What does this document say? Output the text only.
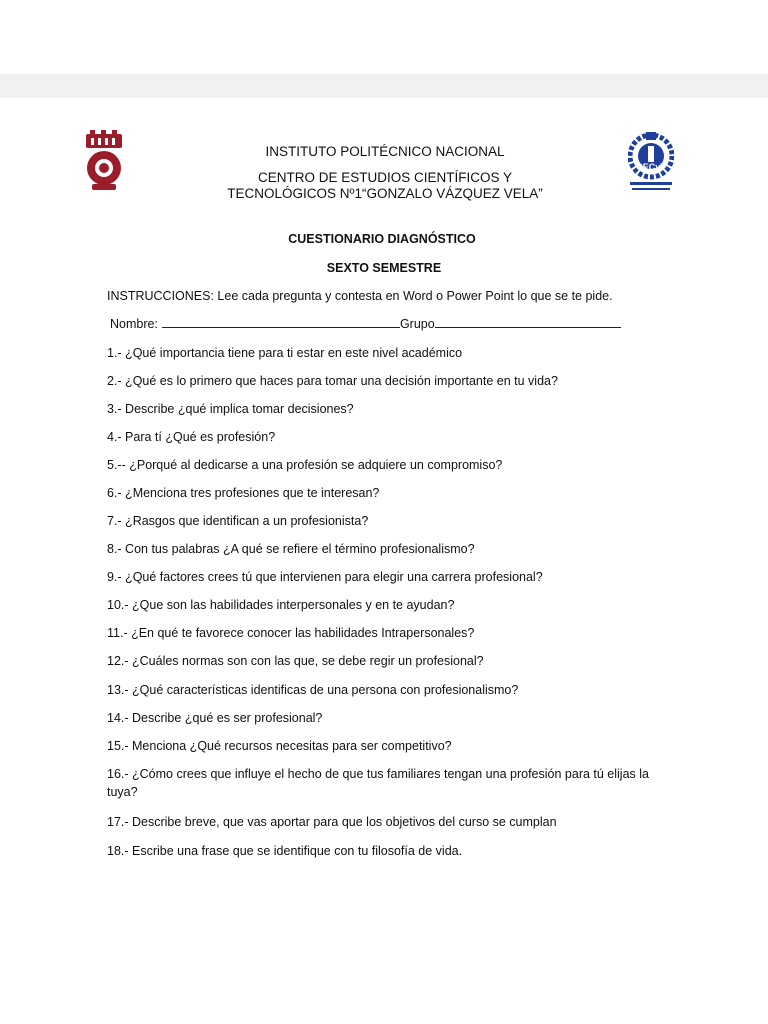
CECyT
INSTITUTO POLITÉCNICO NACIONAL
CENTRO DE ESTUDIOS CIENTÍFICOS Y
TECNOLÓGICOS Nº1“GONZALO VÁZQUEZ VELA”
CUESTIONARIO DIAGNÓSTICO
SEXTO SEMESTRE
INSTRUCCIONES: Lee cada pregunta y contesta en Word o Power Point lo que se te pide.
Nombre:	Grupo
1.- ¿Qué importancia tiene para ti estar en este nivel académico
2.- ¿Qué es lo primero que haces para tomar una decisión importante en tu vida?
3.- Describe ¿qué implica tomar decisiones?
4.- Para tí ¿Qué es profesión?
5.-- ¿Porqué al dedicarse a una profesión se adquiere un compromiso?
6.- ¿Menciona tres profesiones que te interesan?
7.- ¿Rasgos que identifican a un profesionista?
8.- Con tus palabras ¿A qué se refiere el término profesionalismo?
9.- ¿Qué factores crees tú que intervienen para elegir una carrera profesional?
10.- ¿Que son las habilidades interpersonales y en te ayudan?
11.- ¿En qué te favorece conocer las habilidades Intrapersonales?
12.- ¿Cuáles normas son con las que, se debe regir un profesional?
13.- ¿Qué características identificas de una persona con profesionalismo?
14.- Describe ¿qué es ser profesional?
15.- Menciona ¿Qué recursos necesitas para ser competitivo?
16.- ¿Cómo crees que influye el hecho de que tus familiares tengan una profesión para tú elijas la tuya?
17.- Describe breve, que vas aportar para que los objetivos del curso se cumplan
18.- Escribe una frase que se identifique con tu filosofía de vida.
